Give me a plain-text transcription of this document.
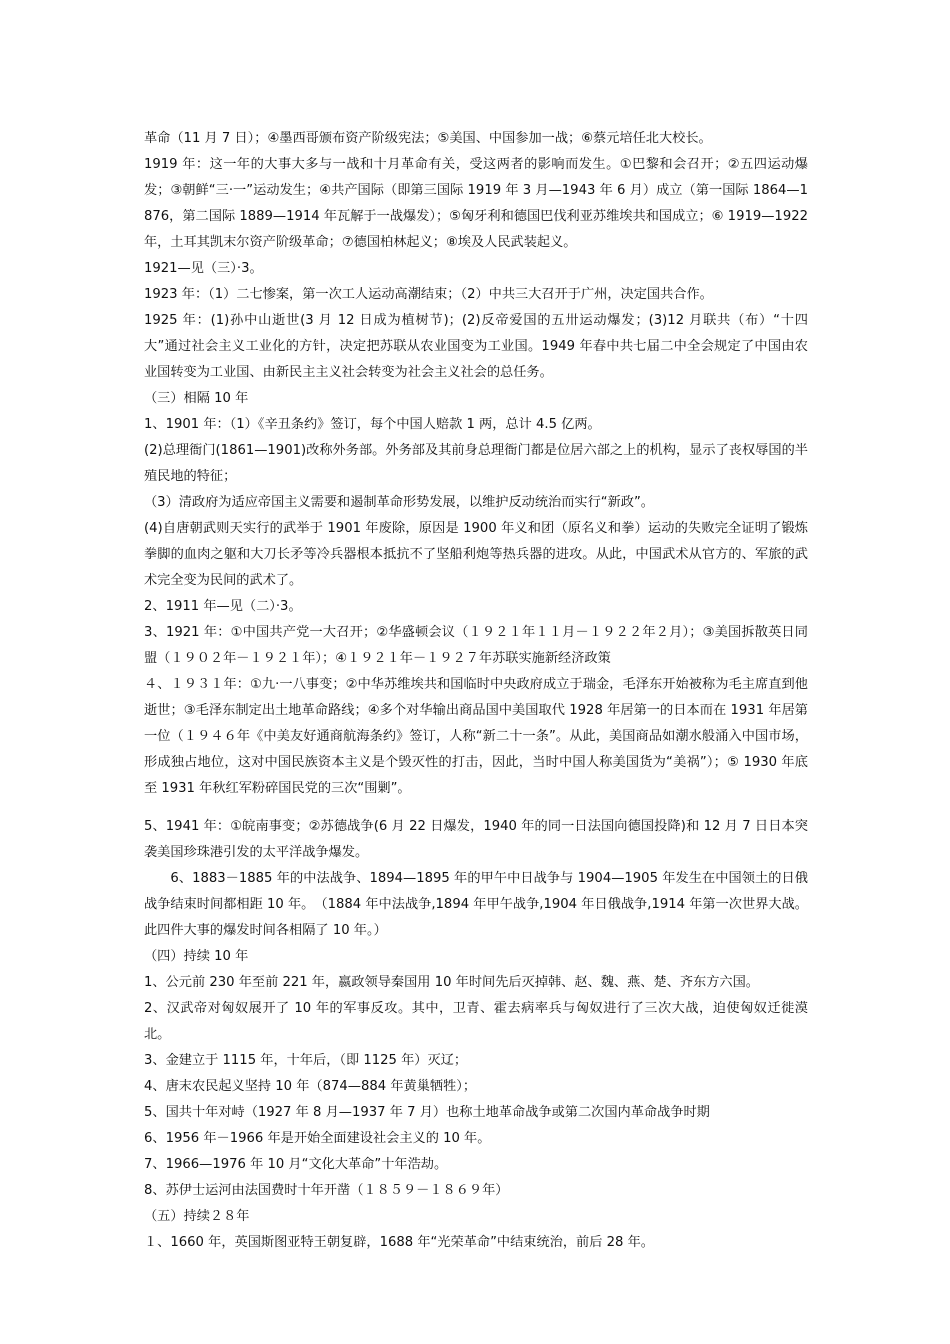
革命（11 月 7 日）；④墨西哥颁布资产阶级宪法；⑤美国、中国参加一战；⑥蔡元培任北大校长。

1919 年：这一年的大事大多与一战和十月革命有关，受这两者的影响而发生。①巴黎和会召开；②五四运动爆发；③朝鲜“三·一”运动发生；④共产国际（即第三国际 1919 年 3 月—1943 年 6 月）成立（第一国际 1864—1876，第二国际 1889—1914 年瓦解于一战爆发）；⑤匈牙利和德国巴伐利亚苏维埃共和国成立；⑥ 1919—1922 年，土耳其凯末尔资产阶级革命；⑦德国柏林起义；⑧埃及人民武装起义。

1921—见（三）·3。

1923 年：（1）二七惨案，第一次工人运动高潮结束；（2）中共三大召开于广州，决定国共合作。

1925 年：(1)孙中山逝世(3 月 12 日成为植树节)；(2)反帝爱国的五卅运动爆发；(3)12 月联共（布）“十四大”通过社会主义工业化的方针，决定把苏联从农业国变为工业国。1949 年春中共七届二中全会规定了中国由农业国转变为工业国、由新民主主义社会转变为社会主义社会的总任务。

（三）相隔 10 年

1、1901 年：（1）《辛丑条约》签订，每个中国人赔款 1 两，总计 4.5 亿两。

(2)总理衙门(1861—1901)改称外务部。外务部及其前身总理衙门都是位居六部之上的机构，显示了丧权辱国的半殖民地的特征；

（3）清政府为适应帝国主义需要和遏制革命形势发展，以维护反动统治而实行“新政”。

(4)自唐朝武则天实行的武举于 1901 年废除，原因是 1900 年义和团（原名义和拳）运动的失败完全证明了锻炼拳脚的血肉之躯和大刀长矛等冷兵器根本抵抗不了坚船利炮等热兵器的进攻。从此，中国武术从官方的、军旅的武术完全变为民间的武术了。

2、1911 年—见（二）·3。

3、1921 年：①中国共产党一大召开；②华盛顿会议（１９２１年１１月－１９２２年２月）；③美国拆散英日同盟（１９０２年－１９２１年）；④１９２１年－１９２７年苏联实施新经济政策

４、１９３１年：①九·一八事变；②中华苏维埃共和国临时中央政府成立于瑞金，毛泽东开始被称为毛主席直到他逝世；③毛泽东制定出土地革命路线；④多个对华输出商品国中美国取代 1928 年居第一的日本而在 1931 年居第一位（１９４６年《中美友好通商航海条约》签订，人称“新二十一条”。从此，美国商品如潮水般涌入中国市场，形成独占地位，这对中国民族资本主义是个毁灭性的打击，因此，当时中国人称美国货为“美祸”）；⑤ 1930 年底至 1931 年秋红军粉碎国民党的三次“围剿”。

5、1941 年：①皖南事变；②苏德战争(6 月 22 日爆发，1940 年的同一日法国向德国投降)和 12 月 7 日日本突袭美国珍珠港引发的太平洋战争爆发。

6、1883－1885 年的中法战争、1894—1895 年的甲午中日战争与 1904—1905 年发生在中国领土的日俄战争结束时间都相距 10 年。　（1884 年中法战争,1894 年甲午战争,1904 年日俄战争,1914 年第一次世界大战。此四件大事的爆发时间各相隔了 10 年。）

（四）持续 10 年

1、公元前 230 年至前 221 年，嬴政领导秦国用 10 年时间先后灭掉韩、赵、魏、燕、楚、齐东方六国。

2、汉武帝对匈奴展开了 10 年的军事反攻。其中，卫青、霍去病率兵与匈奴进行了三次大战，迫使匈奴迁徙漠北。

3、金建立于 1115 年，十年后，（即 1125 年）灭辽；

4、唐末农民起义坚持 10 年（874—884 年黄巢牺牲）；

5、国共十年对峙（1927 年 8 月—1937 年 7 月）也称土地革命战争或第二次国内革命战争时期

6、1956 年－1966 年是开始全面建设社会主义的 10 年。

7、1966—1976 年 10 月“文化大革命”十年浩劫。

8、苏伊士运河由法国费时十年开凿（１８５９－１８６９年）

（五）持续２８年

１、1660 年，英国斯图亚特王朝复辟，1688 年“光荣革命”中结束统治，前后 28 年。
